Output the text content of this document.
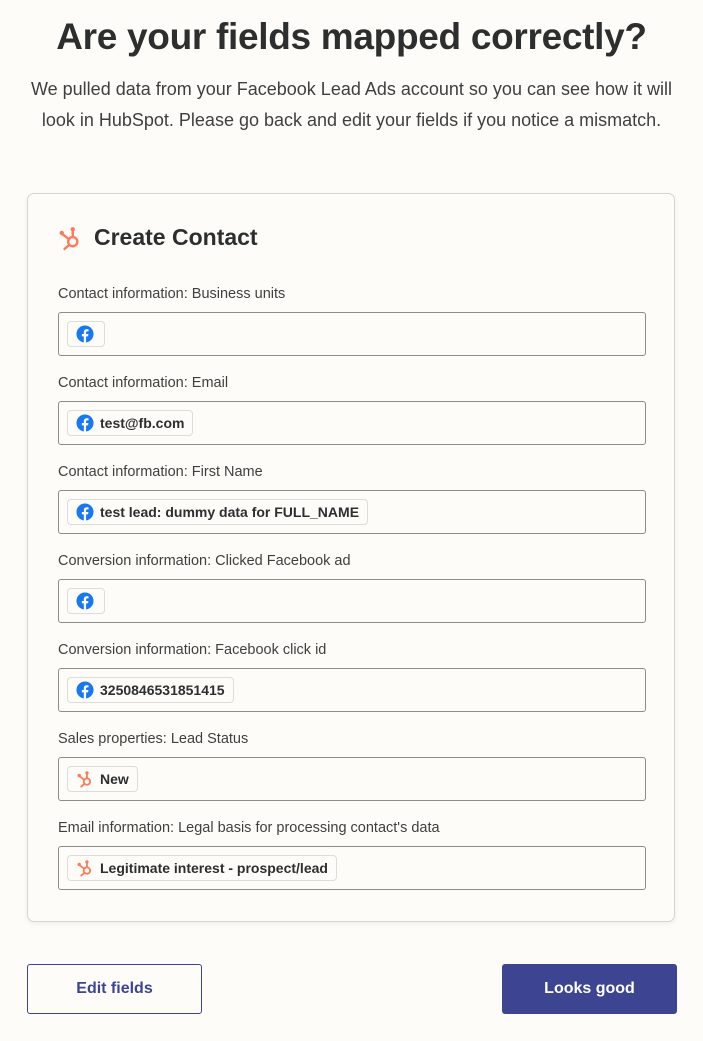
Are your fields mapped correctly?

We pulled data from your Facebook Lead Ads account so you can see how it will look in HubSpot. Please go back and edit your fields if you notice a mismatch.

Create Contact
Contact information: Business units
Contact information: Email
test@fb.com
Contact information: First Name
test lead: dummy data for FULL_NAME
Conversion information: Clicked Facebook ad
Conversion information: Facebook click id
3250846531851415
Sales properties: Lead Status
New
Email information: Legal basis for processing contact's data
Legitimate interest - prospect/lead
Edit fields	Looks good
